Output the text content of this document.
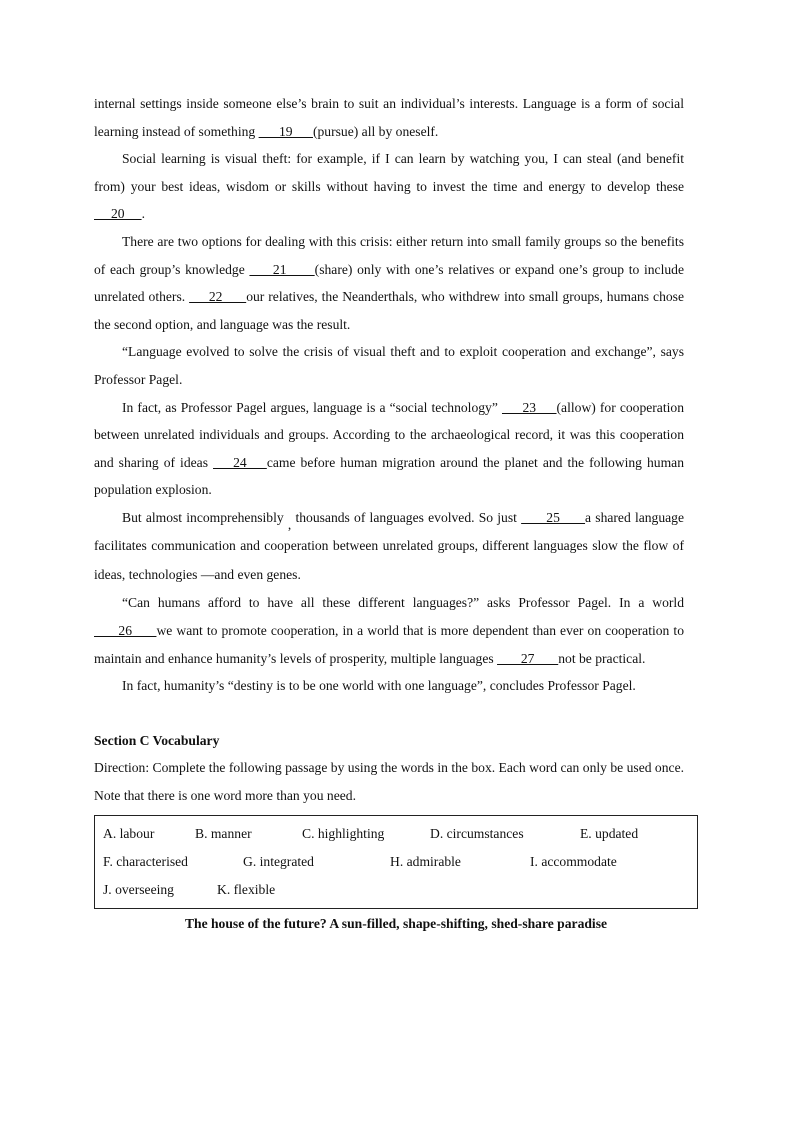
internal settings inside someone else’s brain to suit an individual’s interests. Language is a form of social learning instead of something       19      (pursue) all by oneself.

Social learning is visual theft: for example, if I can learn by watching you, I can steal (and benefit from) your best ideas, wisdom or skills without having to invest the time and energy to develop these      20     .

There are two options for dealing with this crisis: either return into small family groups so the benefits of each group’s knowledge      21      (share) only with one’s relatives or expand one’s group to include unrelated others.      22      our relatives, the Neanderthals, who withdrew into small groups, humans chose the second option, and language was the result.

“Language evolved to solve the crisis of visual theft and to exploit cooperation and exchange”, says Professor Pagel.

In fact, as Professor Pagel argues, language is a “social technology”      23     (allow) for cooperation between unrelated individuals and groups. According to the archaeological record, it was this cooperation and sharing of ideas     24    came before human migration around the planet and the following human population explosion.

But almost incomprehensibly , thousands of languages evolved. So just       25      a shared language facilitates communication and cooperation between unrelated groups, different languages slow the flow of ideas, technologies —and even genes.

“Can humans afford to have all these different languages?” asks Professor Pagel. In a world       26      we want to promote cooperation, in a world that is more dependent than ever on cooperation to maintain and enhance humanity’s levels of prosperity, multiple languages        27       not be practical.

In fact, humanity’s “destiny is to be one world with one language”, concludes Professor Pagel.

Section C Vocabulary

Direction: Complete the following passage by using the words in the box. Each word can only be used once. Note that there is one word more than you need.

A. labour	B. manner	C. highlighting	D. circumstances	E. updated
F. characterised	G. integrated	H. admirable	I. accommodate
J. overseeing	K. flexible
The house of the future? A sun-filled, shape-shifting, shed-share paradise
